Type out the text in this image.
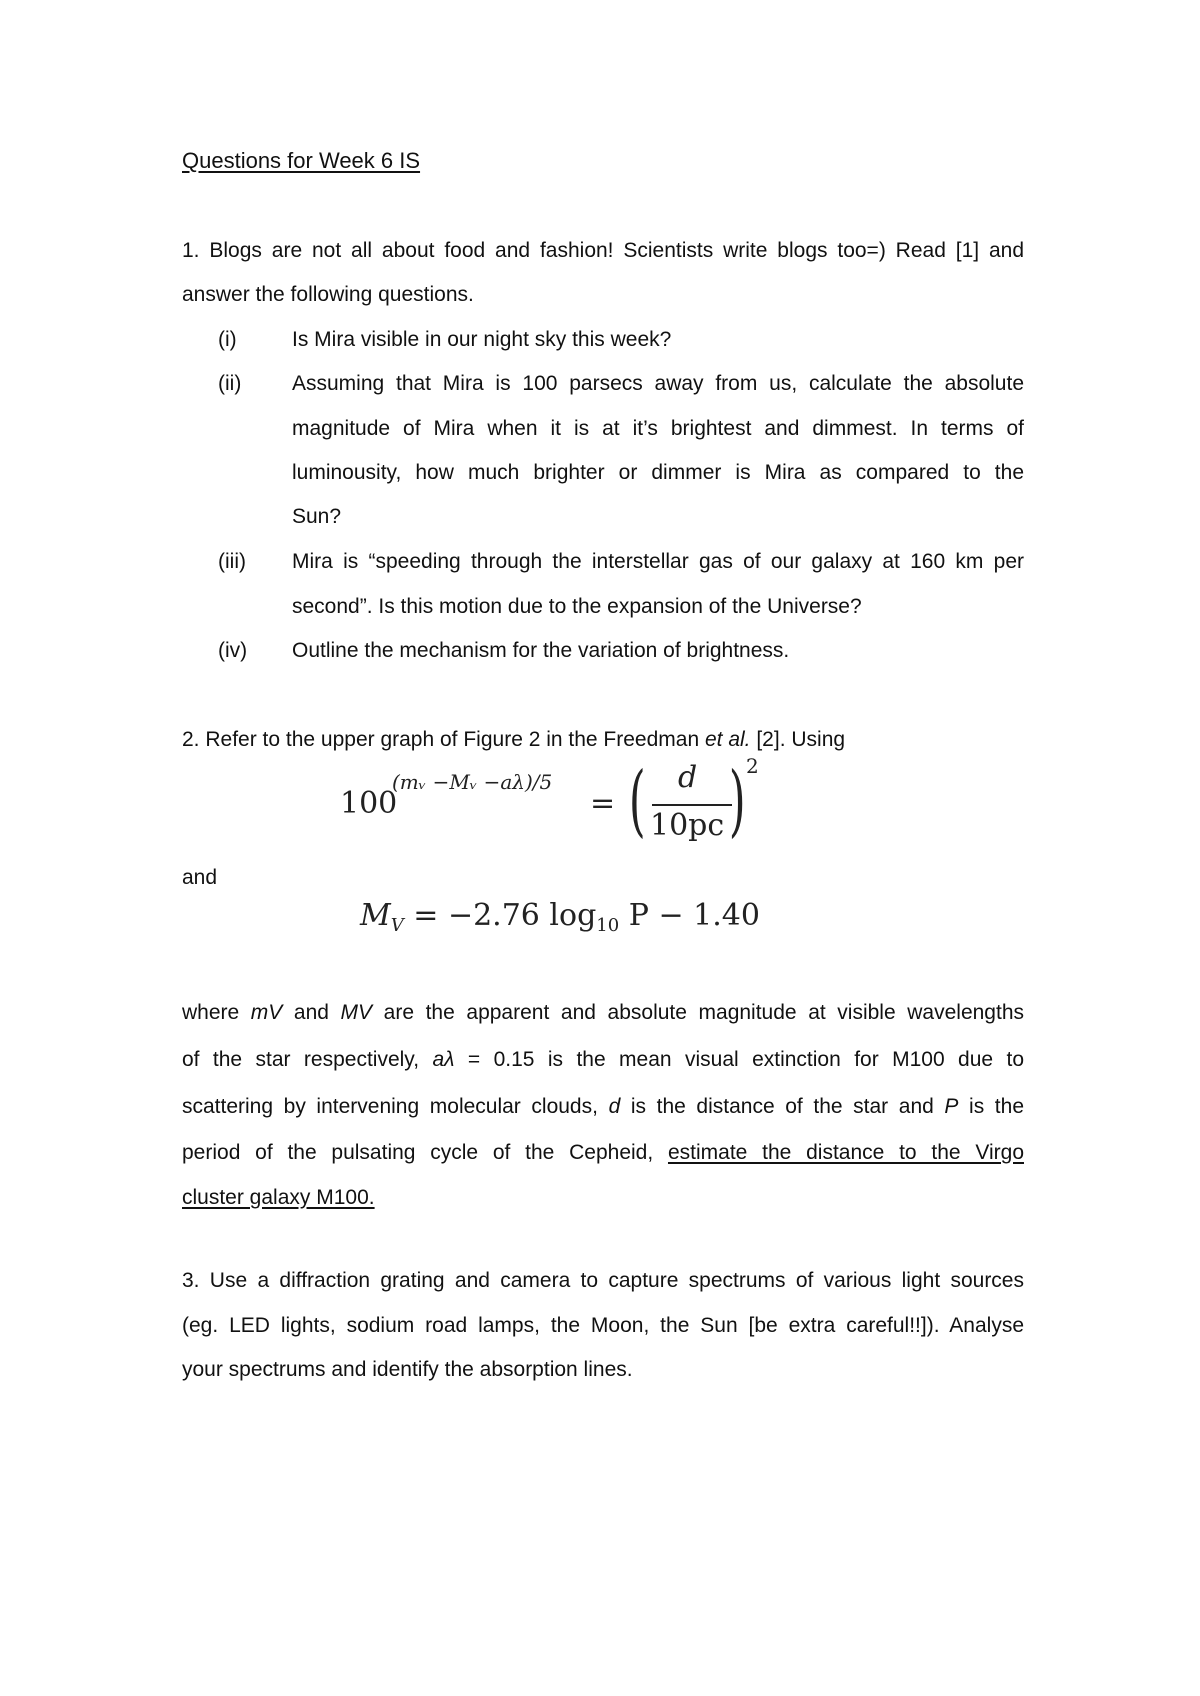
Questions for Week 6 IS
1. Blogs are not all about food and fashion! Scientists write blogs too=) Read [1] and
answer the following questions.
(i)	Is Mira visible in our night sky this week?
(ii) Assuming that Mira is 100 parsecs away from us, calculate the absolute
magnitude of Mira when it is at it’s brightest and dimmest. In terms of
luminousity, how much brighter or dimmer is Mira as compared to the
Sun?
(iii) Mira is “speeding through the interstellar gas of our galaxy at 160 km per
second”. Is this motion due to the expansion of the Universe?
(iv) Outline the mechanism for the variation of brightness.
2. Refer to the upper graph of Figure 2 in the Freedman et al. [2]. Using
100
(mᵥ −Mᵥ −aλ)/5
= ( d
10pc ) 2
and
$M_V = -2.76$ $\log_{10} P - 1.40$
where mV and MV are the apparent and absolute magnitude at visible wavelengths
of the star respectively, aλ = 0.15 is the mean visual extinction for M100 due to
scattering by intervening molecular clouds, d is the distance of the star and P is the
period of the pulsating cycle of the Cepheid, estimate the distance to the Virgo
cluster galaxy M100.
3. Use a diffraction grating and camera to capture spectrums of various light sources
(eg. LED lights, sodium road lamps, the Moon, the Sun [be extra careful!!]). Analyse
your spectrums and identify the absorption lines.
